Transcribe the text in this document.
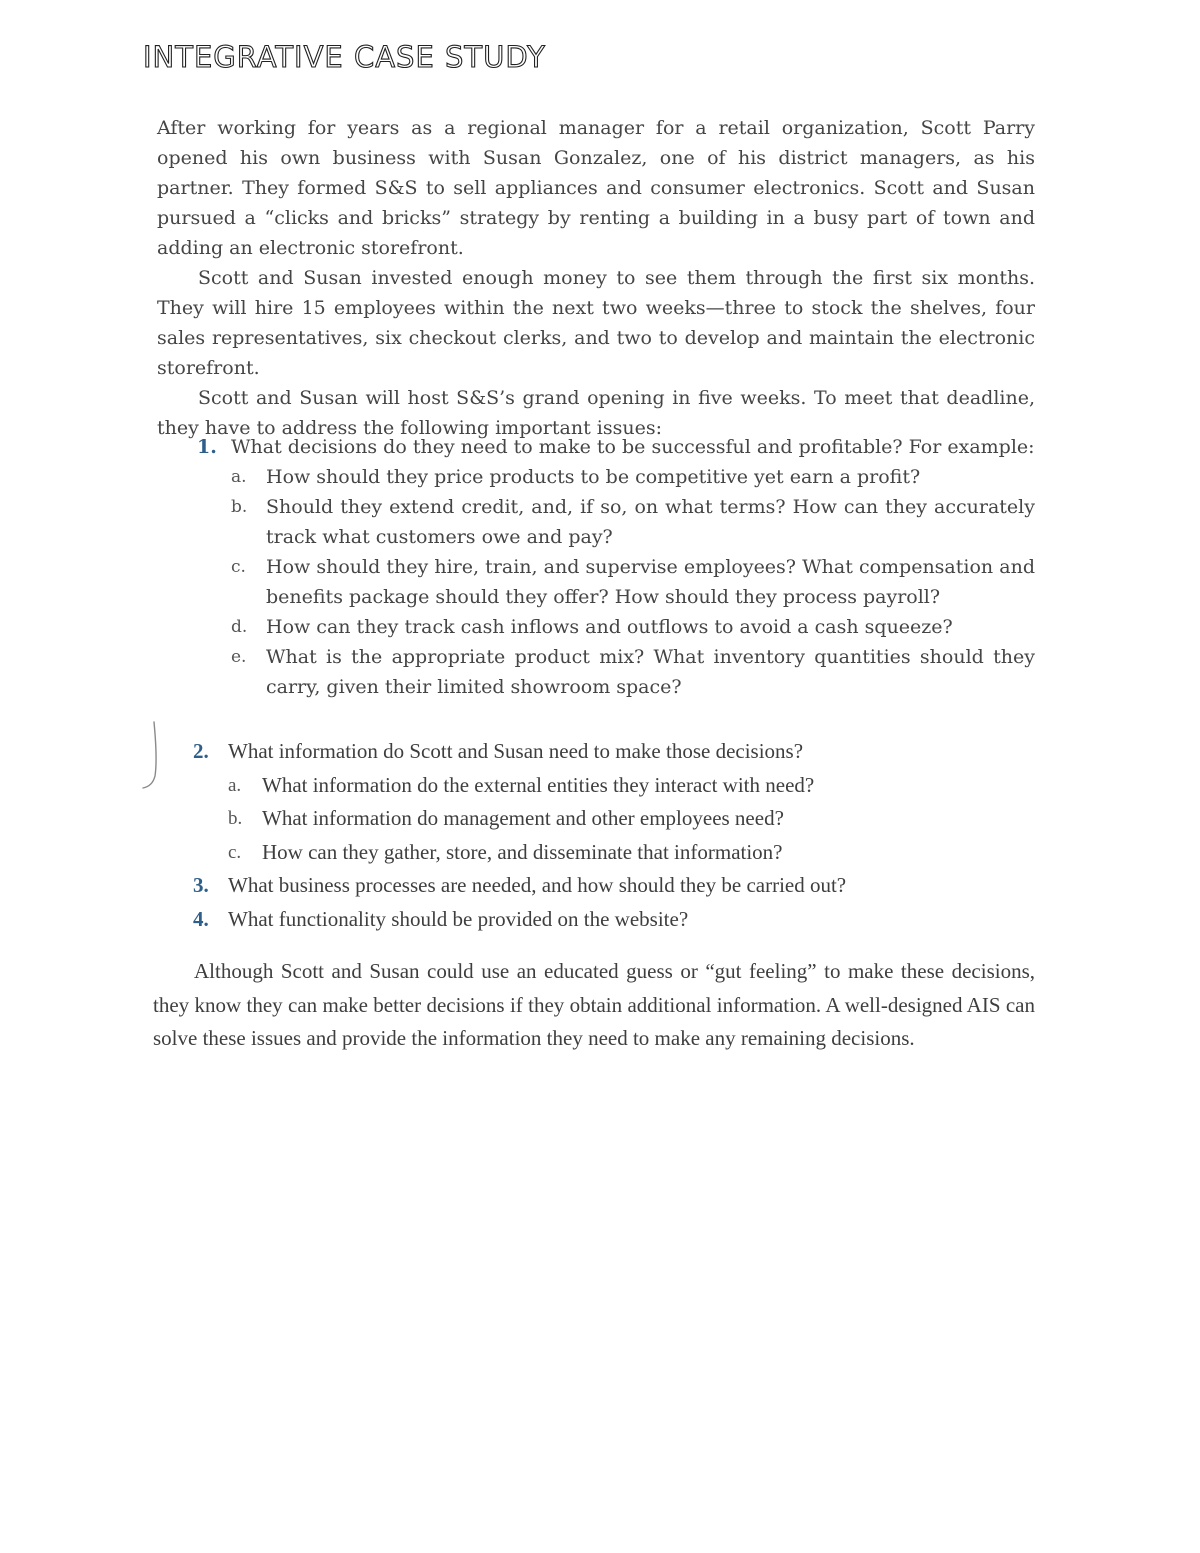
INTEGRATIVE CASE STUDY

After working for years as a regional manager for a retail organization, Scott Parry opened his own business with Susan Gonzalez, one of his district managers, as his partner. They formed S&S to sell appliances and consumer electronics. Scott and Susan pursued a “clicks and bricks” strategy by renting a building in a busy part of town and adding an electronic storefront.

Scott and Susan invested enough money to see them through the first six months. They will hire 15 employees within the next two weeks—three to stock the shelves, four sales representatives, six checkout clerks, and two to develop and maintain the electronic storefront.

Scott and Susan will host S&S’s grand opening in five weeks. To meet that deadline, they have to address the following important issues:

1. What decisions do they need to make to be successful and profitable? For example:
a.	How should they price products to be competitive yet earn a profit?
b. Should they extend credit, and, if so, on what terms? How can they accurately track what customers owe and pay?
c.	How should they hire, train, and supervise employees? What compensation and benefits package should they offer? How should they process payroll?
d. How can they track cash inflows and outflows to avoid a cash squeeze?
e.	What is the appropriate product mix? What inventory quantities should they carry, given their limited showroom space?
2. What information do Scott and Susan need to make those decisions?
a. What information do the external entities they interact with need?
b. What information do management and other employees need?
c. How can they gather, store, and disseminate that information?
3. What business processes are needed, and how should they be carried out?
4. What functionality should be provided on the website?

Although Scott and Susan could use an educated guess or “gut feeling” to make these decisions, they know they can make better decisions if they obtain additional information. A well-designed AIS can solve these issues and provide the information they need to make any remaining decisions.
